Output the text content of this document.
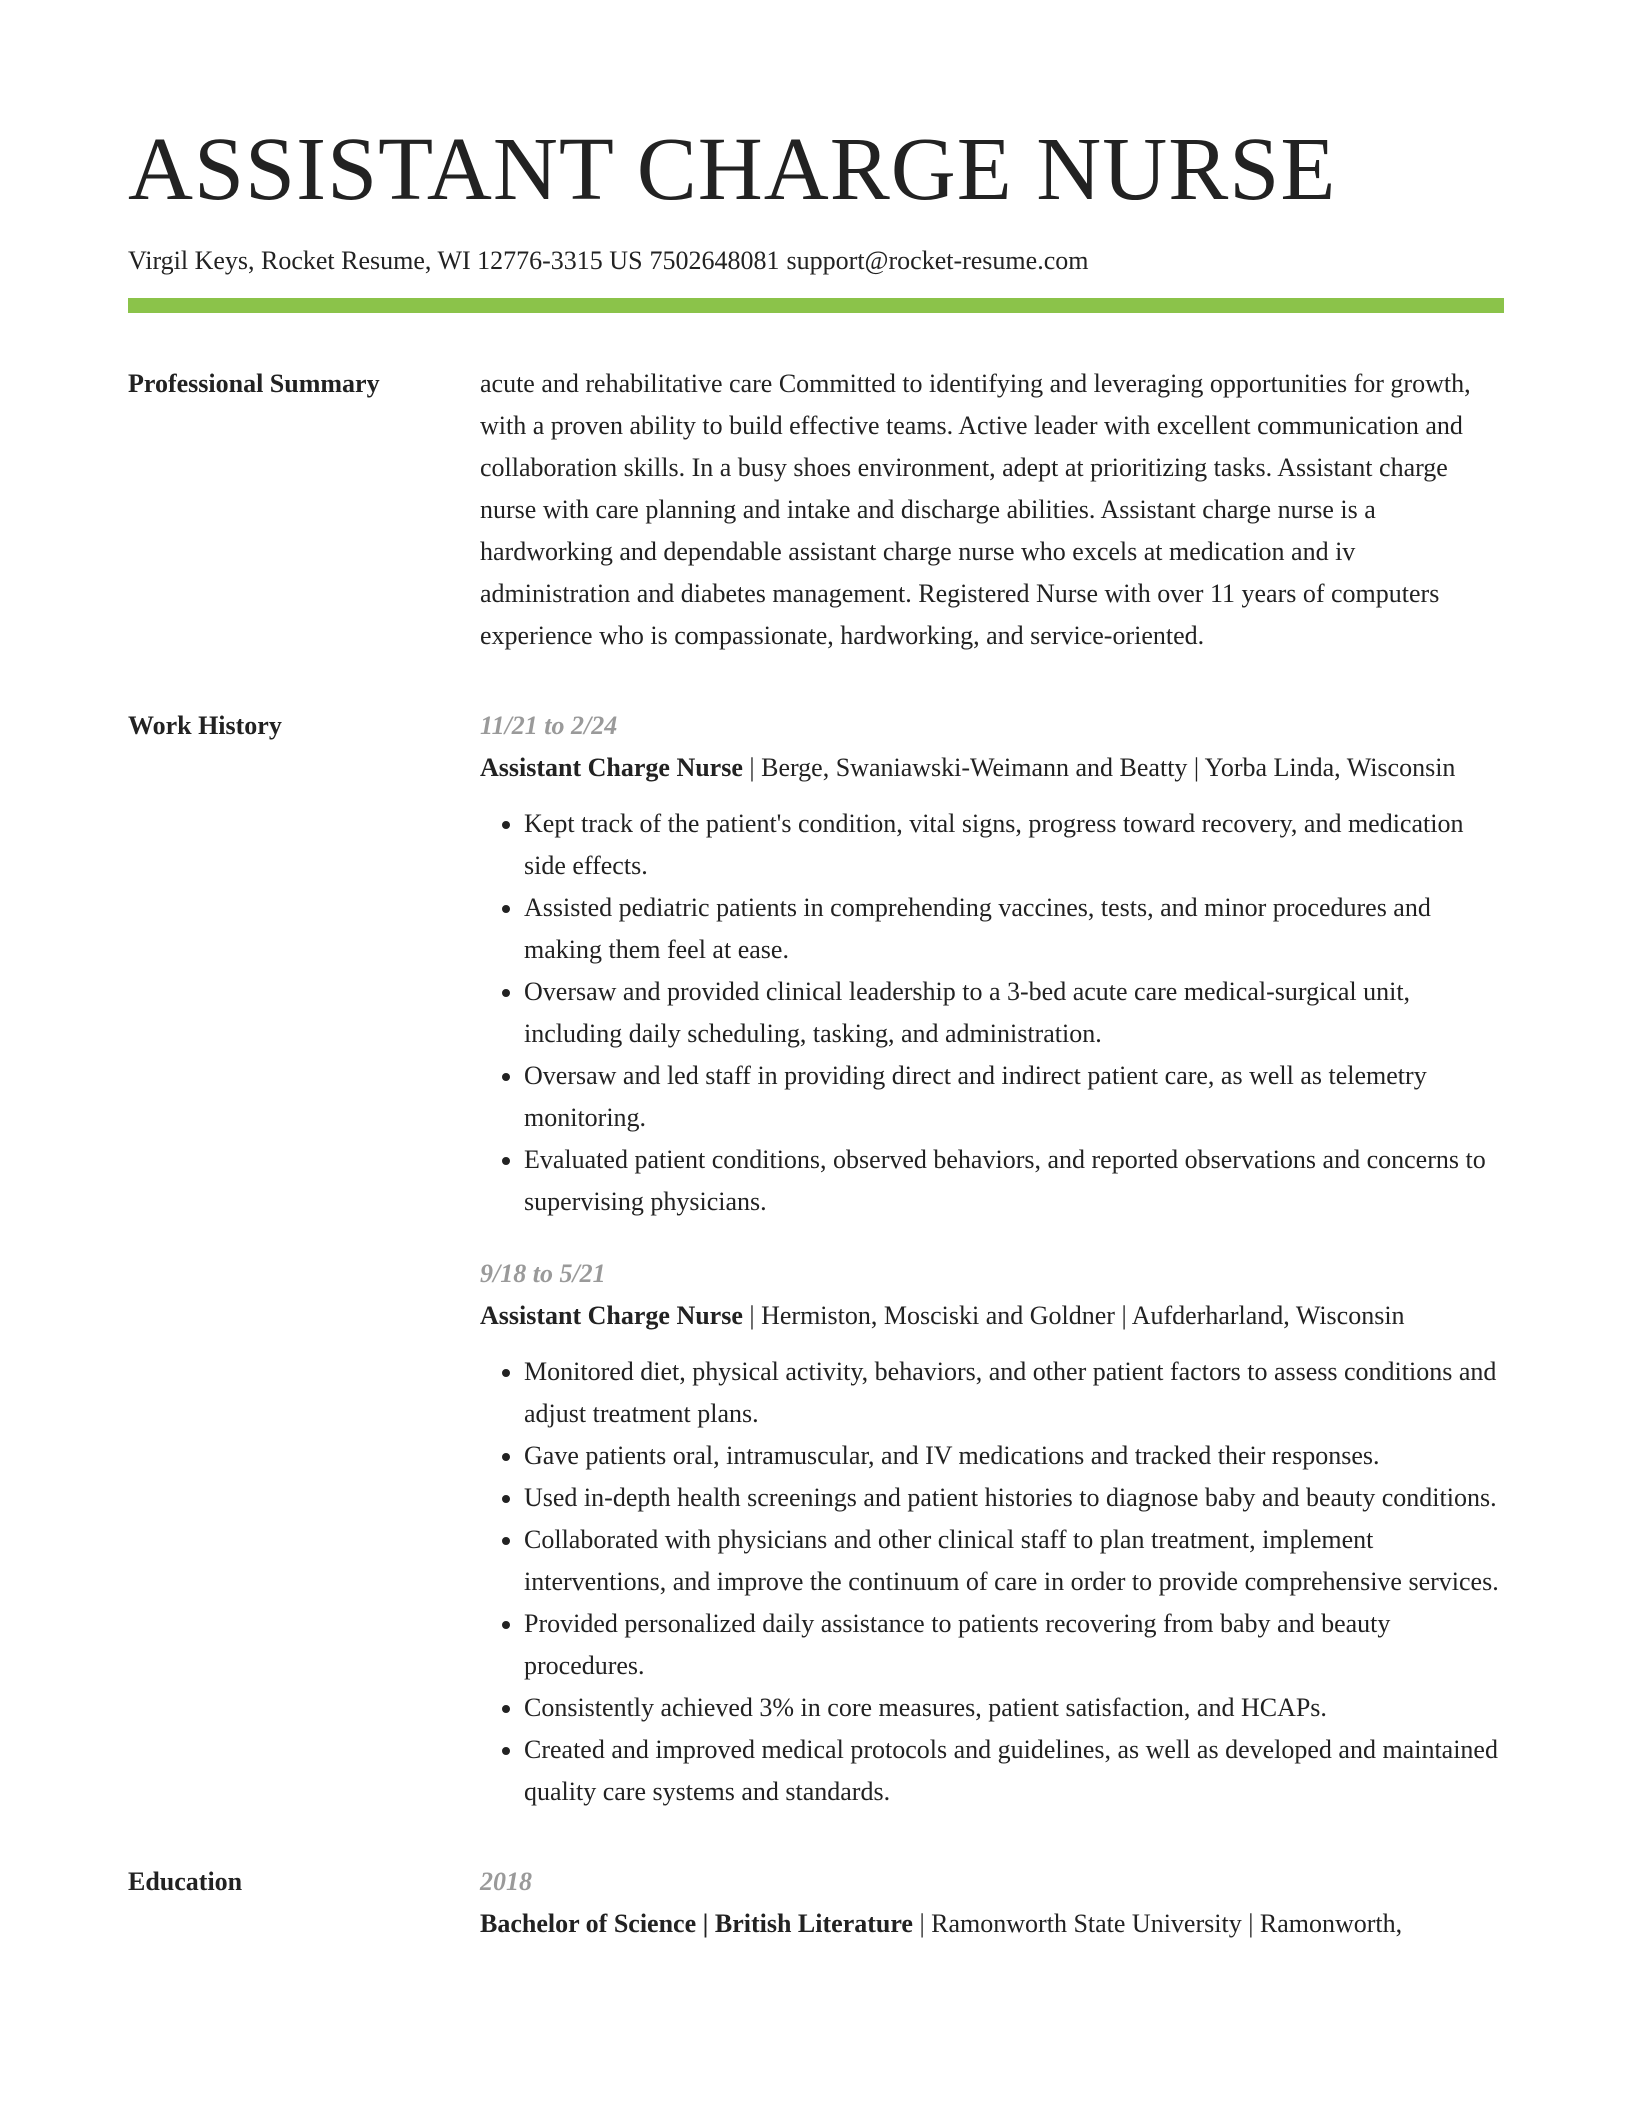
ASSISTANT CHARGE NURSE
Virgil Keys, Rocket Resume, WI 12776-3315 US 7502648081 support@rocket-resume.com
Professional Summary	acute and rehabilitative care Committed to identifying and leveraging opportunities for growth, with a proven ability to build effective teams. Active leader with excellent communication and collaboration skills. In a busy shoes environment, adept at prioritizing tasks. Assistant charge nurse with care planning and intake and discharge abilities. Assistant charge nurse is a hardworking and dependable assistant charge nurse who excels at medication and iv administration and diabetes management. Registered Nurse with over 11 years of computers experience who is compassionate, hardworking, and service-oriented.
Work History	11/21 to 2/24
Assistant Charge Nurse | Berge, Swaniawski-Weimann and Beatty | Yorba Linda, Wisconsin
• Kept track of the patient's condition, vital signs, progress toward recovery, and medication side effects.
• Assisted pediatric patients in comprehending vaccines, tests, and minor procedures and making them feel at ease.
• Oversaw and provided clinical leadership to a 3-bed acute care medical-surgical unit, including daily scheduling, tasking, and administration.
• Oversaw and led staff in providing direct and indirect patient care, as well as telemetry monitoring.
• Evaluated patient conditions, observed behaviors, and reported observations and concerns to supervising physicians.
9/18 to 5/21
Assistant Charge Nurse | Hermiston, Mosciski and Goldner | Aufderharland, Wisconsin
• Monitored diet, physical activity, behaviors, and other patient factors to assess conditions and adjust treatment plans.
• Gave patients oral, intramuscular, and IV medications and tracked their responses.
• Used in-depth health screenings and patient histories to diagnose baby and beauty conditions.
• Collaborated with physicians and other clinical staff to plan treatment, implement interventions, and improve the continuum of care in order to provide comprehensive services.
• Provided personalized daily assistance to patients recovering from baby and beauty procedures.
• Consistently achieved 3% in core measures, patient satisfaction, and HCAPs.
• Created and improved medical protocols and guidelines, as well as developed and maintained quality care systems and standards.
Education	2018
Bachelor of Science | British Literature | Ramonworth State University | Ramonworth,
